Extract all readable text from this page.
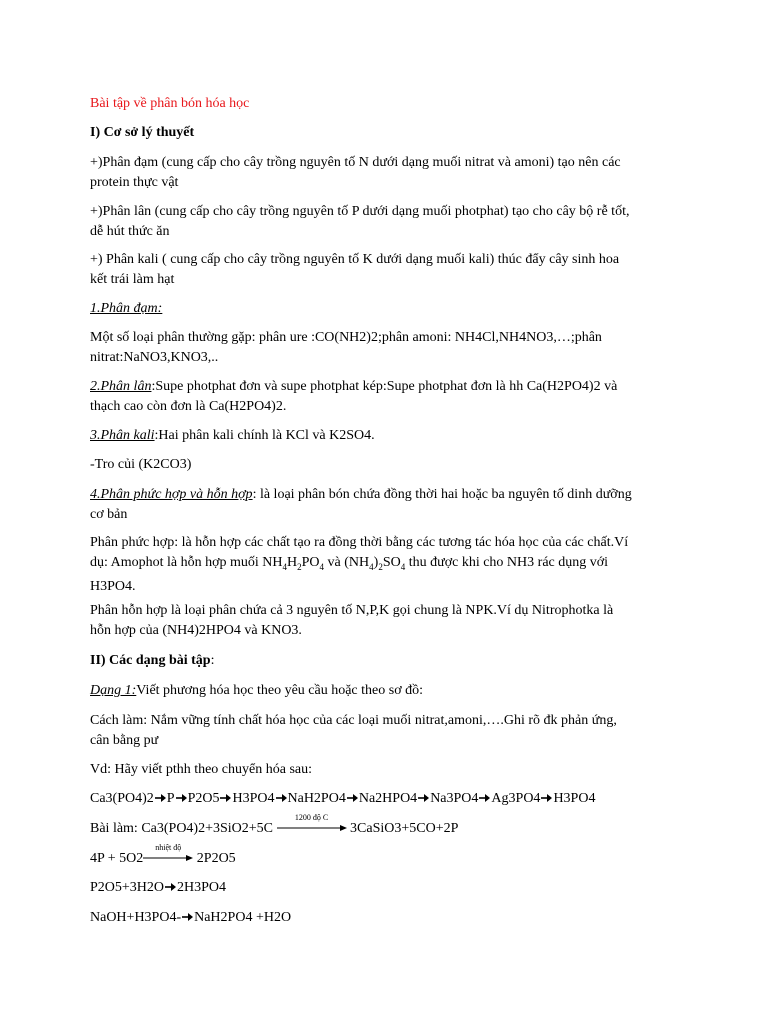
Bài tập về phân bón hóa học

I) Cơ sở lý thuyết

+)Phân đạm (cung cấp cho cây trồng nguyên tố N dưới dạng muối nitrat và amoni) tạo nên các
protein thực vật

+)Phân lân (cung cấp cho cây trồng nguyên tố P dưới dạng muối photphat) tạo cho cây bộ rễ tốt,
dễ hút thức ăn

+) Phân kali ( cung cấp cho cây trồng nguyên tố K dưới dạng muối kali) thúc đẩy cây sinh hoa
kết trái làm hạt

1.Phân đạm:

Một số loại phân thường gặp: phân ure :CO(NH2)2;phân amoni: NH4Cl,NH4NO3,…;phân
nitrat:NaNO3,KNO3,..

2.Phân lân:Supe photphat đơn và supe photphat kép:Supe photphat đơn là hh Ca(H2PO4)2 và
thạch cao còn đơn là Ca(H2PO4)2.

3.Phân kali:Hai phân kali chính là KCl và K2SO4.

-Tro củi (K2CO3)

4.Phân phức hợp và hỗn hợp: là loại phân bón chứa đồng thời hai hoặc ba nguyên tố dinh dưỡng
cơ bản

Phân phức hợp: là hỗn hợp các chất tạo ra đồng thời bằng các tương tác hóa học của các chất.Ví
dụ: Amophot là hỗn hợp muối $NH_4H_2PO_4$ và $(NH_4)_2SO_4$ thu được khi cho NH3 rác dụng với
H3PO4.

Phân hỗn hợp là loại phân chứa cả 3 nguyên tố N,P,K gọi chung là NPK.Ví dụ Nitrophotka là
hỗn hợp của (NH4)2HPO4 và KNO3.

II) Các dạng bài tập:

Dạng 1:Viết phương hóa học theo yêu cầu hoặc theo sơ đồ:

Cách làm: Nắm vững tính chất hóa học của các loại muối nitrat,amoni,….Ghi rõ đk phản ứng,
cân bằng pư

Vd: Hãy viết pthh theo chuyển hóa sau:

Ca3(PO4)2 P P2O5 H3PO4 NaH2PO4 Na2HPO4 Na3PO4 Ag3PO4 H3PO4

Bài làm: Ca3(PO4)2+3SiO2+5C
1200 độ C
3CaSiO3+5CO+2P

4P + 5O2
nhiệt độ
2P2O5

P2O5+3H2O 2H3PO4

NaOH+H3PO4- NaH2PO4 +H2O
